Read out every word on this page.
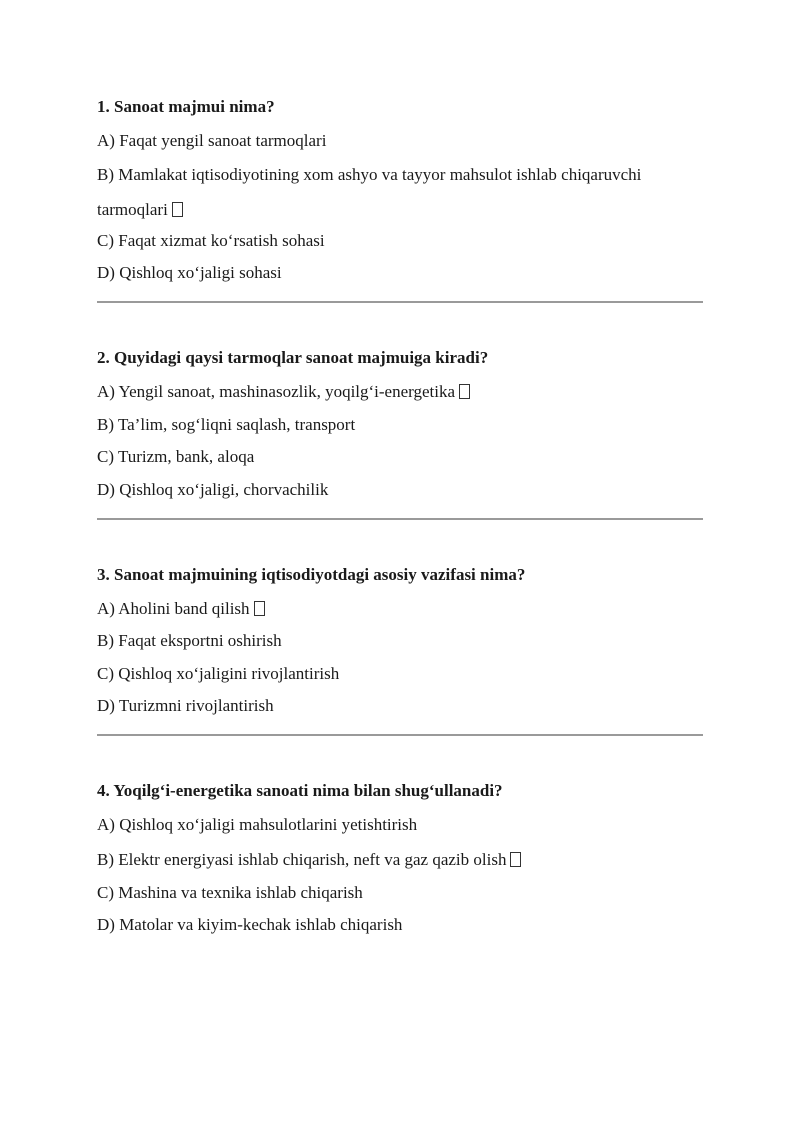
1. Sanoat majmui nima?
A) Faqat yengil sanoat tarmoqlari
B) Mamlakat iqtisodiyotining xom ashyo va tayyor mahsulot ishlab chiqaruvchi tarmoqlari
C) Faqat xizmat ko‘rsatish sohasi
D) Qishloq xo‘jaligi sohasi
2. Quyidagi qaysi tarmoqlar sanoat majmuiga kiradi?
A) Yengil sanoat, mashinasozlik, yoqilg‘i-energetika
B) Ta’lim, sog‘liqni saqlash, transport
C) Turizm, bank, aloqa
D) Qishloq xo‘jaligi, chorvachilik
3. Sanoat majmuining iqtisodiyotdagi asosiy vazifasi nima?
A) Aholini band qilish
B) Faqat eksportni oshirish
C) Qishloq xo‘jaligini rivojlantirish
D) Turizmni rivojlantirish
4. Yoqilg‘i-energetika sanoati nima bilan shug‘ullanadi?
A) Qishloq xo‘jaligi mahsulotlarini yetishtirish
B) Elektr energiyasi ishlab chiqarish, neft va gaz qazib olish
C) Mashina va texnika ishlab chiqarish
D) Matolar va kiyim-kechak ishlab chiqarish
